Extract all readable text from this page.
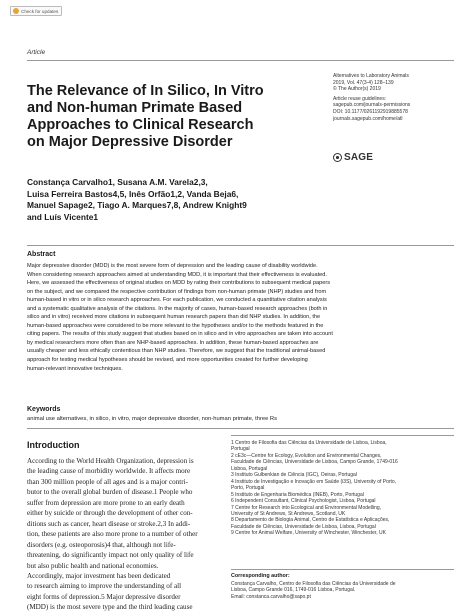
Check for updates
Article
The Relevance of In Silico, In Vitro
and Non-human Primate Based
Approaches to Clinical Research
on Major Depressive Disorder
Alternatives to Laboratory Animals
2019, Vol. 47(3-4) 128–139
© The Author(s) 2019
Article reuse guidelines:
sagepub.com/journals-permissions
DOI: 10.1177/0261192919885578
journals.sagepub.com/home/atl
SAGE
Constança Carvalho1, Susana A.M. Varela2,3,
Luisa Ferreira Bastos4,5, Inês Orfão1,2, Vanda Beja6,
Manuel Sapage2, Tiago A. Marques7,8, Andrew Knight9
and Luís Vicente1
Abstract
Major depressive disorder (MDD) is the most severe form of depression and the leading cause of disability worldwide.
When considering research approaches aimed at understanding MDD, it is important that their effectiveness is evaluated.
Here, we assessed the effectiveness of original studies on MDD by rating their contributions to subsequent medical papers
on the subject, and we compared the respective contribution of findings from non-human primate (NHP) studies and from
human-based in vitro or in silico research approaches. For each publication, we conducted a quantitative citation analysis
and a systematic qualitative analysis of the citations. In the majority of cases, human-based research approaches (both in
silico and in vitro) received more citations in subsequent human research papers than did NHP studies. In addition, the
human-based approaches were considered to be more relevant to the hypotheses and/or to the methods featured in the
citing papers. The results of this study suggest that studies based on in silico and in vitro approaches are taken into account
by medical researchers more often than are NHP-based approaches. In addition, these human-based approaches are
usually cheaper and less ethically contentious than NHP studies. Therefore, we suggest that the traditional animal-based
approach for testing medical hypotheses should be revised, and more opportunities created for further developing
human-relevant innovative techniques.
Keywords
animal use alternatives, in silico, in vitro, major depressive disorder, non-human primate, three Rs
Introduction
According to the World Health Organization, depression is
the leading cause of morbidity worldwide. It affects more
than 300 million people of all ages and is a major contri-
butor to the overall global burden of disease.1 People who
suffer from depression are more prone to an early death
either by suicide or through the development of other con-
ditions such as cancer, heart disease or stroke.2,3 In addi-
tion, these patients are also more prone to a number of other
disorders (e.g. osteoporosis)4 that, although not life-
threatening, do significantly impact not only quality of life
but also public health and national economies.
Accordingly, major investment has been dedicated
to research aiming to improve the understanding of all
eight forms of depression.5 Major depressive disorder
(MDD) is the most severe type and the third leading cause
1 Centro de Filosofia das Ciências da Universidade de Lisboa, Lisboa,
Portugal
2 cE3c—Centre for Ecology, Evolution and Environmental Changes,
Faculdade de Ciências, Universidade de Lisboa, Campo Grande, 1749-016
Lisboa, Portugal
3 Instituto Gulbenkian de Ciência (IGC), Oeiras, Portugal
4 Instituto de Investigação e Inovação em Saúde (i3S), University of Porto,
Porto, Portugal
5 Instituto de Engenharia Biomédica (INEB), Porto, Portugal
6 Independent Consultant, Clinical Psychologist, Lisboa, Portugal
7 Centre for Research into Ecological and Environmental Modelling,
University of St Andrews, St Andrews, Scotland, UK
8 Departamento de Biologia Animal, Centro de Estatística e Aplicações,
Faculdade de Ciências, Universidade de Lisboa, Lisboa, Portugal
9 Centre for Animal Welfare, University of Winchester, Winchester, UK
Corresponding author:
Constança Carvalho, Centro de Filosofia das Ciências da Universidade de
Lisboa, Campo Grande 016, 1749-016 Lisboa, Portugal.
Email: constanca.carvalho@sapo.pt
